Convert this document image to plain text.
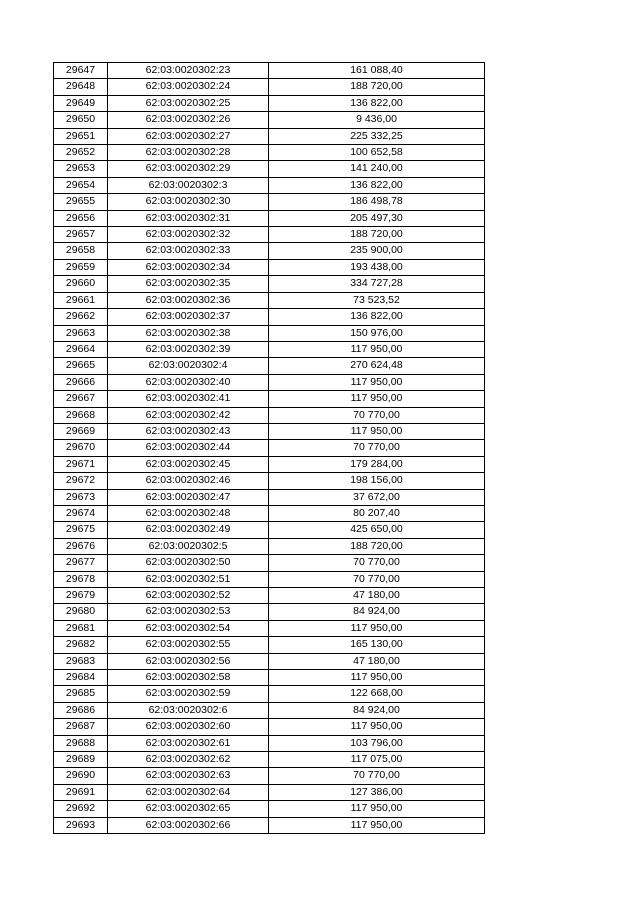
29647	62:03:0020302:23	161 088,40
29648	62:03:0020302:24	188 720,00
29649	62:03:0020302:25	136 822,00
29650	62:03:0020302:26	9 436,00
29651	62:03:0020302:27	225 332,25
29652	62:03:0020302:28	100 652,58
29653	62:03:0020302:29	141 240,00
29654	62:03:0020302:3	136 822,00
29655	62:03:0020302:30	186 498,78
29656	62:03:0020302:31	205 497,30
29657	62:03:0020302:32	188 720,00
29658	62:03:0020302:33	235 900,00
29659	62:03:0020302:34	193 438,00
29660	62:03:0020302:35	334 727,28
29661	62:03:0020302:36	73 523,52
29662	62:03:0020302:37	136 822,00
29663	62:03:0020302:38	150 976,00
29664	62:03:0020302:39	117 950,00
29665	62:03:0020302:4	270 624,48
29666	62:03:0020302:40	117 950,00
29667	62:03:0020302:41	117 950,00
29668	62:03:0020302:42	70 770,00
29669	62:03:0020302:43	117 950,00
29670	62:03:0020302:44	70 770,00
29671	62:03:0020302:45	179 284,00
29672	62:03:0020302:46	198 156,00
29673	62:03:0020302:47	37 672,00
29674	62:03:0020302:48	80 207,40
29675	62:03:0020302:49	425 650,00
29676	62:03:0020302:5	188 720,00
29677	62:03:0020302:50	70 770,00
29678	62:03:0020302:51	70 770,00
29679	62:03:0020302:52	47 180,00
29680	62:03:0020302:53	84 924,00
29681	62:03:0020302:54	117 950,00
29682	62:03:0020302:55	165 130,00
29683	62:03:0020302:56	47 180,00
29684	62:03:0020302:58	117 950,00
29685	62:03:0020302:59	122 668,00
29686	62:03:0020302:6	84 924,00
29687	62:03:0020302:60	117 950,00
29688	62:03:0020302:61	103 796,00
29689	62:03:0020302:62	117 075,00
29690	62:03:0020302:63	70 770,00
29691	62:03:0020302:64	127 386,00
29692	62:03:0020302:65	117 950,00
29693	62:03:0020302:66	117 950,00
